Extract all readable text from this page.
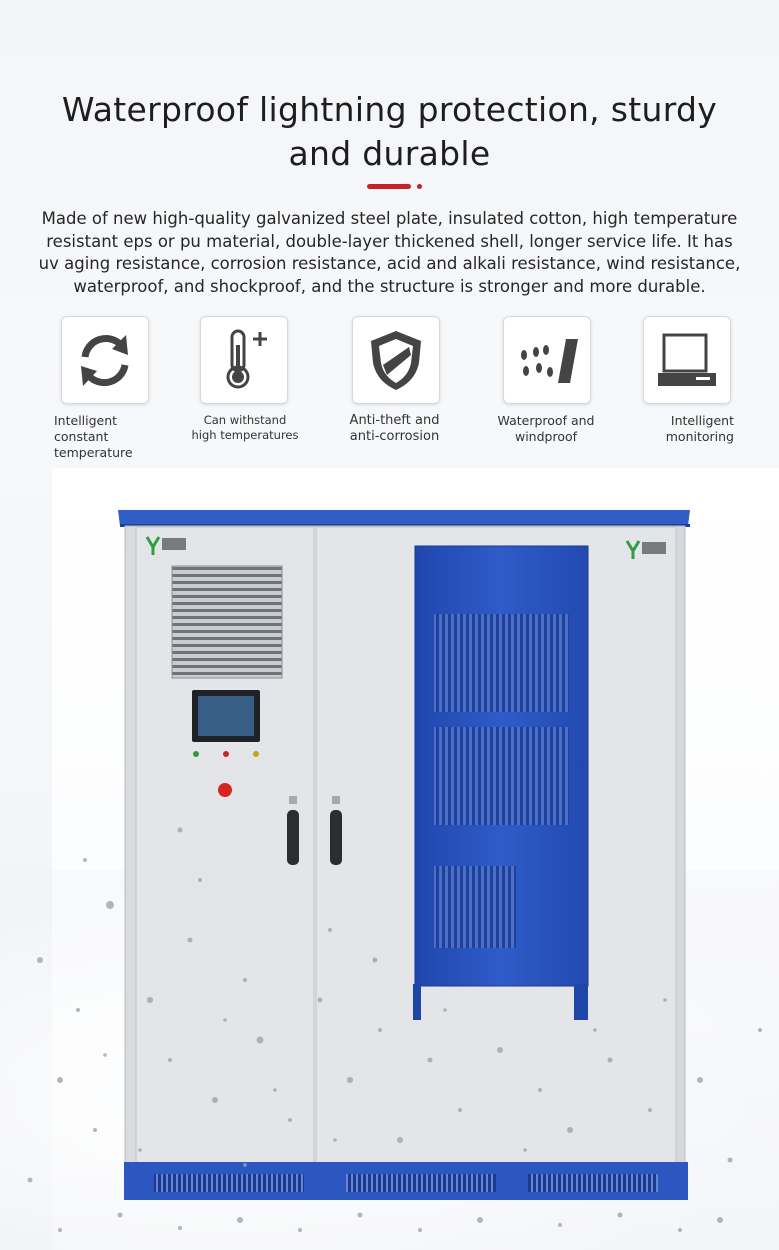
Waterproof lightning protection, sturdy
and durable
Made of new high-quality galvanized steel plate, insulated cotton, high temperature resistant eps or pu material, double-layer thickened shell, longer service life. It has uv aging resistance, corrosion resistance, acid and alkali resistance, wind resistance, waterproof, and shockproof, and the structure is stronger and more durable.
Intelligent constant
temperature
Can withstand
high temperatures
Anti-theft and
anti-corrosion
Waterproof and
windproof
Intelligent
monitoring
